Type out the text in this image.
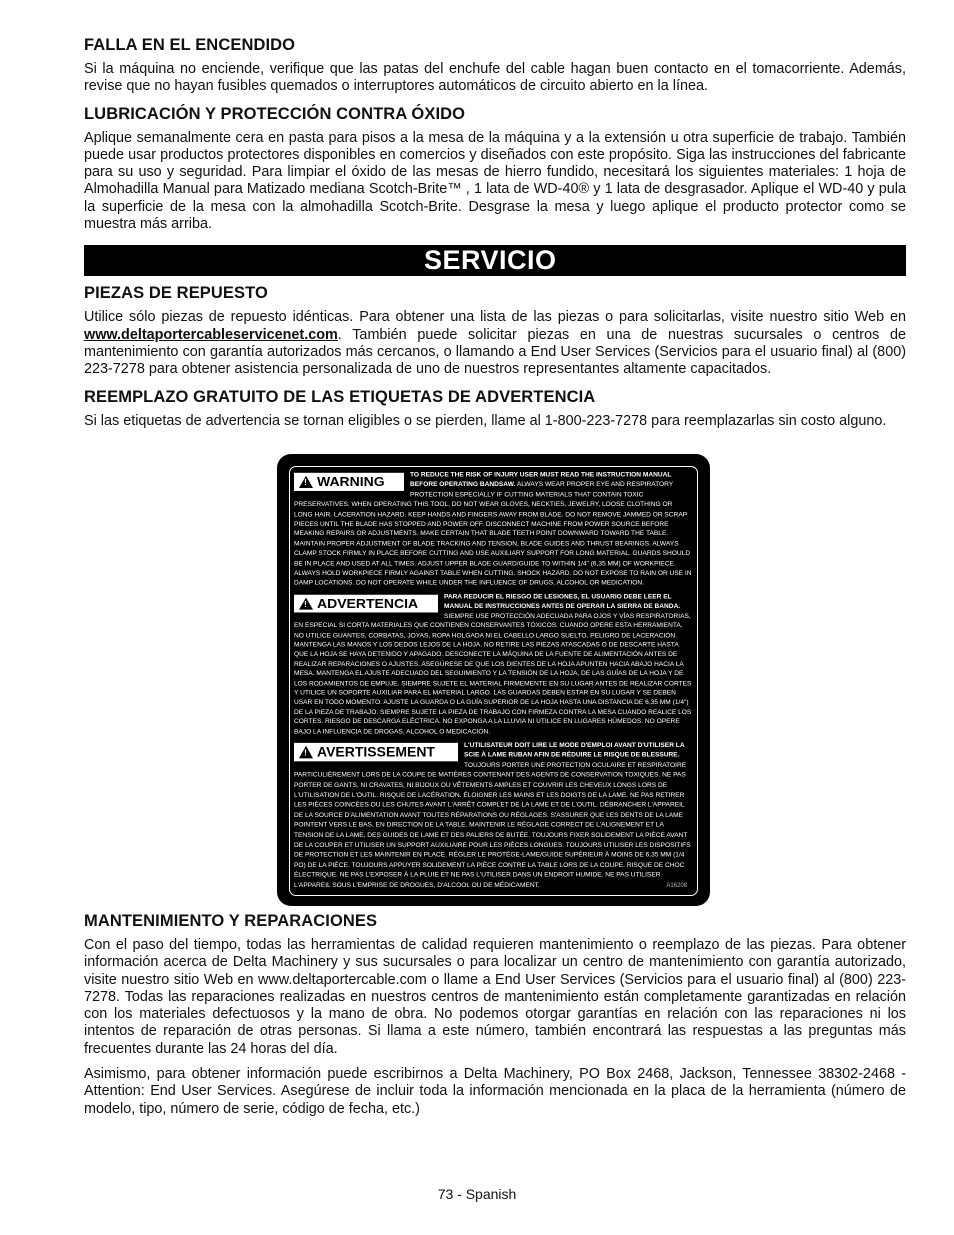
FALLA EN EL ENCENDIDO

Si la máquina no enciende, verifique que las patas del enchufe del cable hagan buen contacto en el tomacorriente. Además, revise que no hayan fusibles quemados o interruptores automáticos de circuito abierto en la línea.

LUBRICACIÓN Y PROTECCIÓN CONTRA ÓXIDO

Aplique semanalmente cera en pasta para pisos a la mesa de la máquina y a la extensión u otra superficie de trabajo. También puede usar productos protectores disponibles en comercios y diseñados con este propósito. Siga las instrucciones del fabricante para su uso y seguridad. Para limpiar el óxido de las mesas de hierro fundido, necesitará los siguientes materiales: 1 hoja de Almohadilla Manual para Matizado mediana Scotch-Brite™ , 1 lata de WD-40® y 1 lata de desgrasador. Aplique el WD-40 y pula la superficie de la mesa con la almohadilla Scotch-Brite. Desgrase la mesa y luego aplique el producto protector como se muestra más arriba.

SERVICIO
PIEZAS DE REPUESTO

Utilice sólo piezas de repuesto idénticas. Para obtener una lista de las piezas o para solicitarlas, visite nuestro sitio Web en www.deltaportercableservicenet.com. También puede solicitar piezas en una de nuestras sucursales o centros de mantenimiento con garantía autorizados más cercanos, o llamando a End User Services (Servicios para el usuario final) al (800) 223-7278 para obtener asistencia personalizada de uno de nuestros representantes altamente capacitados.

REEMPLAZO GRATUITO DE LAS ETIQUETAS DE ADVERTENCIA

Si las etiquetas de advertencia se tornan eligibles o se pierden, llame al 1-800-223-7278 para reemplazarlas sin costo alguno.

!
WARNING	TO REDUCE THE RISK OF INJURY USER MUST READ THE INSTRUCTION MANUAL BEFORE OPERATING BANDSAW. ALWAYS WEAR PROPER EYE AND RESPIRATORY PROTECTION ESPECIALLY IF CUTTING MATERIALS THAT CONTAIN TOXIC PRESERVATIVES. WHEN OPERATING THIS TOOL, DO NOT WEAR GLOVES, NECKTIES, JEWELRY, LOOSE CLOTHING OR LONG HAIR. LACERATION HAZARD. KEEP HANDS AND FINGERS AWAY FROM BLADE. DO NOT REMOVE JAMMED OR SCRAP PIECES UNTIL THE BLADE HAS STOPPED AND POWER OFF. DISCONNECT MACHINE FROM POWER SOURCE BEFORE MEAKING REPAIRS OR ADJUSTMENTS. MAKE CERTAIN THAT BLADE TEETH POINT DOWNWARD TOWARD THE TABLE. MAINTAIN PROPER ADJUSTMENT OF BLADE TRACKING AND TENSION, BLADE GUIDES AND THRUST BEARINGS. ALWAYS CLAMP STOCK FIRMLY IN PLACE BEFORE CUTTING AND USE AUXILIARY SUPPORT FOR LONG MATERIAL. GUARDS SHOULD BE IN PLACE AND USED AT ALL TIMES. ADJUST UPPER BLADE GUARD/GUIDE TO WITHIN 1/4" (6,35 MM) OF WORKPIECE. ALWAYS HOLD WORKPIECE FIRMLY AGAINST TABLE WHEN CUTTING. SHOCK HAZARD. DO NOT EXPOSE TO RAIN OR USE IN DAMP LOCATIONS. DO NOT OPERATE WHILE UNDER THE INFLUENCE OF DRUGS, ALCOHOL OR MEDICATION.
!
ADVERTENCIA	PARA REDUCIR EL RIESGO DE LESIONES, EL USUARIO DEBE LEER EL MANUAL DE INSTRUCCIONES ANTES DE OPERAR LA SIERRA DE BANDA. SIEMPRE USE PROTECCIÓN ADECUADA PARA OJOS Y VÍAS RESPIRATORIAS, EN ESPECIAL SI CORTA MATERIALES QUE CONTIENEN CONSERVANTES TÓXICOS. CUANDO OPERE ESTA HERRAMIENTA, NO UTILICE GUANTES, CORBATAS, JOYAS, ROPA HOLGADA NI EL CABELLO LARGO SUELTO. PELIGRO DE LACERACIÓN. MANTENGA LAS MANOS Y LOS DEDOS LEJOS DE LA HOJA. NO RETIRE LAS PIEZAS ATASCADAS O DE DESCARTE HASTA QUE LA HOJA SE HAYA DETENIDO Y APAGADO. DESCONECTE LA MÁQUINA DE LA FUENTE DE ALIMENTACIÓN ANTES DE REALIZAR REPARACIONES O AJUSTES. ASEGÚRESE DE QUE LOS DIENTES DE LA HOJA APUNTEN HACIA ABAJO HACIA LA MESA. MANTENGA EL AJUSTE ADECUADO DEL SEGUIMIENTO Y LA TENSIÓN DE LA HOJA, DE LAS GUÍAS DE LA HOJA Y DE LOS RODAMIENTOS DE EMPUJE. SIEMPRE SUJETE EL MATERIAL FIRMEMENTE EN SU LUGAR ANTES DE REALIZAR CORTES Y UTILICE UN SOPORTE AUXILIAR PARA EL MATERIAL LARGO. LAS GUARDAS DEBEN ESTAR EN SU LUGAR Y SE DEBEN USAR EN TODO MOMENTO. AJUSTE LA GUARDA O LA GUÍA SUPERIOR DE LA HOJA HASTA UNA DISTANCIA DE 6,35 MM (1/4") DE LA PIEZA DE TRABAJO. SIEMPRE SUJETE LA PIEZA DE TRABAJO CON FIRMEZA CONTRA LA MESA CUANDO REALICE LOS CORTES. RIESGO DE DESCARGA ELÉCTRICA. NO EXPONGA A LA LLUVIA NI UTILICE EN LUGARES HÚMEDOS. NO OPERE BAJO LA INFLUENCIA DE DROGAS, ALCOHOL O MEDICACIÓN.
!
AVERTISSEMENT	L'UTILISATEUR DOIT LIRE LE MODE D'EMPLOI AVANT D'UTILISER LA SCIE À LAME RUBAN AFIN DE RÉDUIRE LE RISQUE DE BLESSURE. TOUJOURS PORTER UNE PROTECTION OCULAIRE ET RESPIRATOIRE PARTICULIÈREMENT LORS DE LA COUPE DE MATIÈRES CONTENANT DES AGENTS DE CONSERVATION TOXIQUES. NE PAS PORTER DE GANTS, NI CRAVATES, NI BIJOUX OU VÊTEMENTS AMPLES ET COUVRIR LES CHEVEUX LONGS LORS DE L'UTILISATION DE L'OUTIL. RISQUE DE LACÉRATION. ÉLOIGNER LES MAINS ET LES DOIGTS DE LA LAME. NE PAS RETIRER LES PIÈCES COINCÉES OU LES CHUTES AVANT L'ARRÊT COMPLET DE LA LAME ET DE L'OUTIL. DÉBRANCHER L'APPAREIL DE LA SOURCE D'ALIMENTATION AVANT TOUTES RÉPARATIONS OU RÉGLAGES. S'ASSURER QUE LES DENTS DE LA LAME POINTENT VERS LE BAS, EN DIRECTION DE LA TABLE. MAINTENIR LE RÉGLAGE CORRECT DE L'ALIGNEMENT ET LA TENSION DE LA LAME, DES GUIDES DE LAME ET DES PALIERS DE BUTÉE. TOUJOURS FIXER SOLIDEMENT LA PIÈCE AVANT DE LA COUPER ET UTILISER UN SUPPORT AUXILIAIRE POUR LES PIÈCES LONGUES. TOUJOURS UTILISER LES DISPOSITIFS DE PROTECTION ET LES MAINTENIR EN PLACE. RÉGLER LE PROTÈGE-LAME/GUIDE SUPÉRIEUR À MOINS DE 6,35 MM (1/4 PO) DE LA PIÈCE. TOUJOURS APPUYER SOLIDEMENT LA PIÈCE CONTRE LA TABLE LORS DE LA COUPE. RISQUE DE CHOC ÉLECTRIQUE. NE PAS L'EXPOSER À LA PLUIE ET NE PAS L'UTILISER DANS UN ENDROIT HUMIDE. NE PAS UTILISER L'APPAREIL SOUS L'EMPRISE DE DROGUES, D'ALCOOL OU DE MÉDICAMENT.	A16208
MANTENIMIENTO Y REPARACIONES

Con el paso del tiempo, todas las herramientas de calidad requieren mantenimiento o reemplazo de las piezas. Para obtener información acerca de Delta Machinery y sus sucursales o para localizar un centro de mantenimiento con garantía autorizado, visite nuestro sitio Web en www.deltaportercable.com o llame a End User Services (Servicios para el usuario final) al (800) 223-7278. Todas las reparaciones realizadas en nuestros centros de mantenimiento están completamente garantizadas en relación con los materiales defectuosos y la mano de obra. No podemos otorgar garantías en relación con las reparaciones ni los intentos de reparación de otras personas. Si llama a este número, también encontrará las respuestas a las preguntas más frecuentes durante las 24 horas del día.

Asimismo, para obtener información puede escribirnos a Delta Machinery, PO Box 2468, Jackson, Tennessee 38302-2468 - Attention: End User Services. Asegúrese de incluir toda la información mencionada en la placa de la herramienta (número de modelo, tipo, número de serie, código de fecha, etc.)

73 - Spanish
